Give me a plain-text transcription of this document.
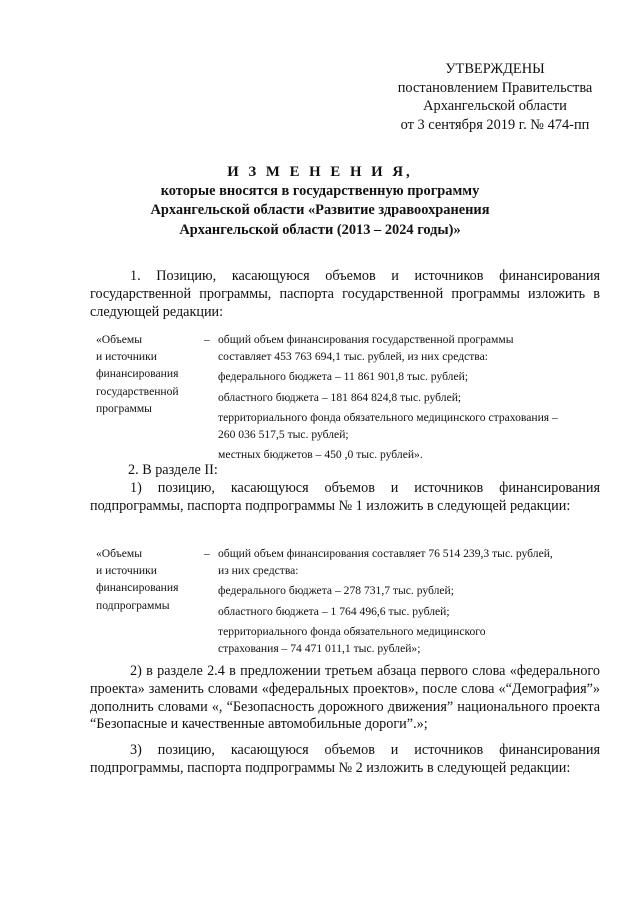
УТВЕРЖДЕНЫ
постановлением Правительства
Архангельской области
от 3 сентября 2019 г. № 474-пп
И З М Е Н Е Н И Я,
которые вносятся в государственную программу
Архангельской области «Развитие здравоохранения
Архангельской области (2013 – 2024 годы)»

1. Позицию, касающуюся объемов и источников финансирования государственной программы, паспорта государственной программы изложить в следующей редакции:

«Объемы
и источники
финансирования
государственной
программы
– общий объем финансирования государственной программы
составляет 453 763 694,1 тыс. рублей, из них средства:
федерального бюджета – 11 861 901,8 тыс. рублей;
областного бюджета – 181 864 824,8 тыс. рублей;
территориального фонда обязательного медицинского страхования –
260 036 517,5 тыс. рублей;
местных бюджетов – 450 ,0 тыс. рублей».

2. В разделе II:

1) позицию, касающуюся объемов и источников финансирования подпрограммы, паспорта подпрограммы № 1 изложить в следующей редакции:

«Объемы
и источники
финансирования
подпрограммы
– общий объем финансирования составляет 76 514 239,3 тыс. рублей,
из них средства:
федерального бюджета – 278 731,7 тыс. рублей;
областного бюджета – 1 764 496,6 тыс. рублей;
территориального фонда обязательного медицинского
страхования – 74 471 011,1 тыс. рублей»;

2) в разделе 2.4 в предложении третьем абзаца первого слова «федерального проекта» заменить словами «федеральных проектов», после слова «“Демография”» дополнить словами «, “Безопасность дорожного движения” национального проекта “Безопасные и качественные автомобильные дороги”.»;

3) позицию, касающуюся объемов и источников финансирования подпрограммы, паспорта подпрограммы № 2 изложить в следующей редакции:
